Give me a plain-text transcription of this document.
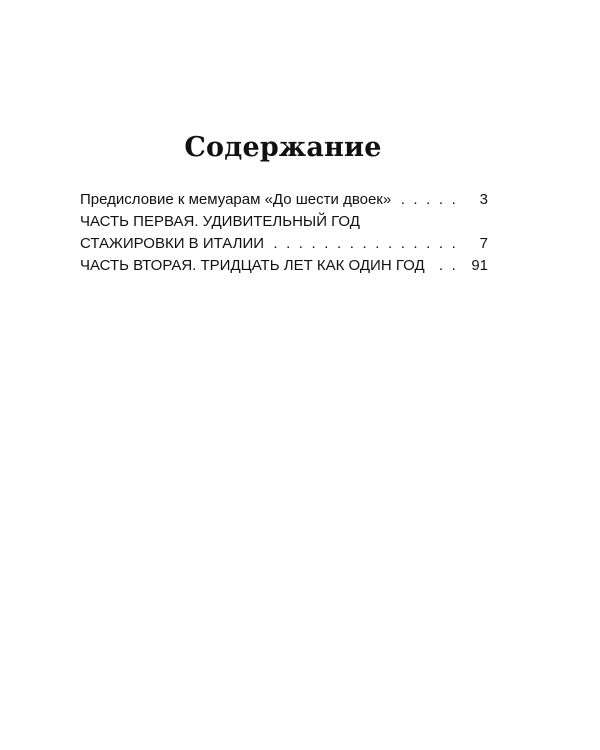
Содержание
Предисловие к мемуарам «До шести двоек» . . .	3
ЧАСТЬ ПЕРВАЯ. УДИВИТЕЛЬНЫЙ ГОД
СТАЖИРОВКИ В ИТАЛИИ . . .	7
ЧАСТЬ ВТОРАЯ. ТРИДЦАТЬ ЛЕТ КАК ОДИН ГОД . . .	91
